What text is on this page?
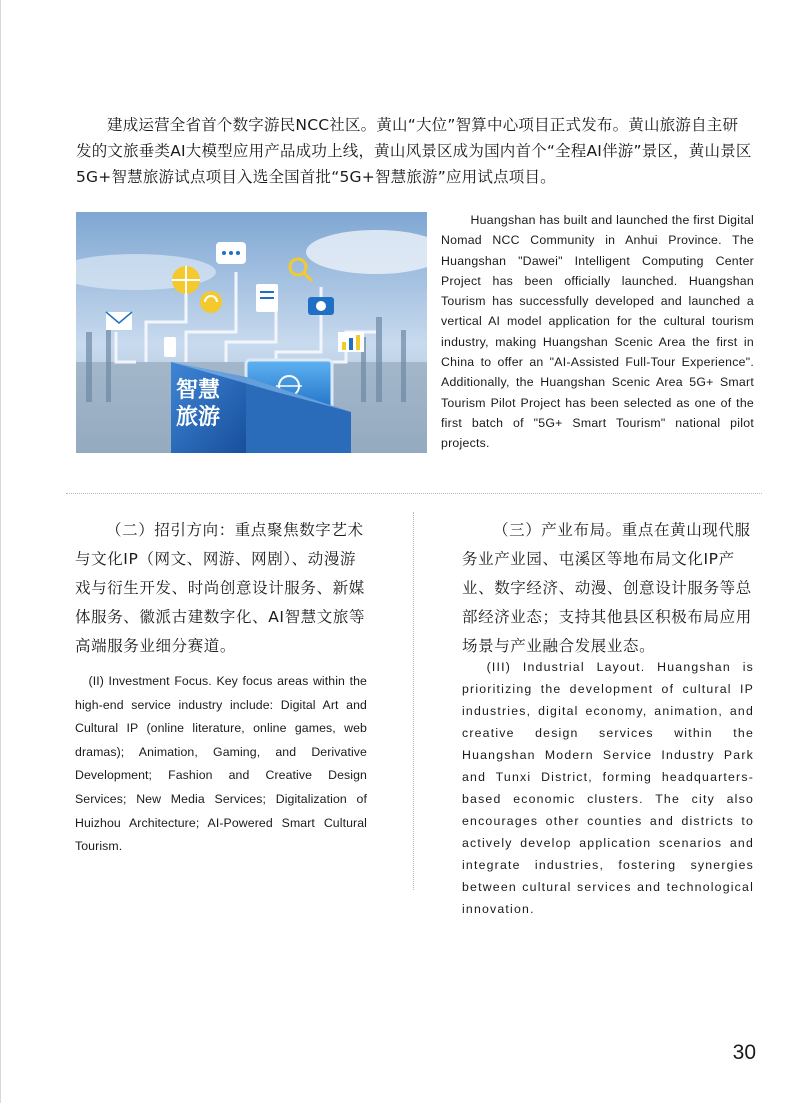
建成运营全省首个数字游民NCC社区。黄山“大位”智算中心项目正式发布。黄山旅游自主研发的文旅垂类AI大模型应用产品成功上线，黄山风景区成为国内首个“全程AI伴游”景区，黄山景区5G+智慧旅游试点项目入选全国首批“5G+智慧旅游”应用试点项目。

智慧
旅游

Huangshan has built and launched the first Digital Nomad NCC Community in Anhui Province. The Huangshan "Dawei" Intelligent Computing Center Project has been officially launched. Huangshan Tourism has successfully developed and launched a vertical AI model application for the cultural tourism industry, making Huangshan Scenic Area the first in China to offer an "AI-Assisted Full-Tour Experience". Additionally, the Huangshan Scenic Area 5G+ Smart Tourism Pilot Project has been selected as one of the first batch of "5G+ Smart Tourism" national pilot projects.

（二）招引方向：重点聚焦数字艺术与文化IP（网文、网游、网剧）、动漫游戏与衍生开发、时尚创意设计服务、新媒体服务、徽派古建数字化、AI智慧文旅等高端服务业细分赛道。

(II) Investment Focus. Key focus areas within the high-end service industry include: Digital Art and Cultural IP (online literature, online games, web dramas); Animation, Gaming, and Derivative Development; Fashion and Creative Design Services; New Media Services; Digitalization of Huizhou Architecture; AI-Powered Smart Cultural Tourism.

（三）产业布局。重点在黄山现代服务业产业园、屯溪区等地布局文化IP产业、数字经济、动漫、创意设计服务等总部经济业态；支持其他县区积极布局应用场景与产业融合发展业态。

(III) Industrial Layout. Huangshan is prioritizing the development of cultural IP industries, digital economy, animation, and creative design services within the Huangshan Modern Service Industry Park and Tunxi District, forming headquarters-based economic clusters. The city also encourages other counties and districts to actively develop application scenarios and integrate industries, fostering synergies between cultural services and technological innovation.

30
